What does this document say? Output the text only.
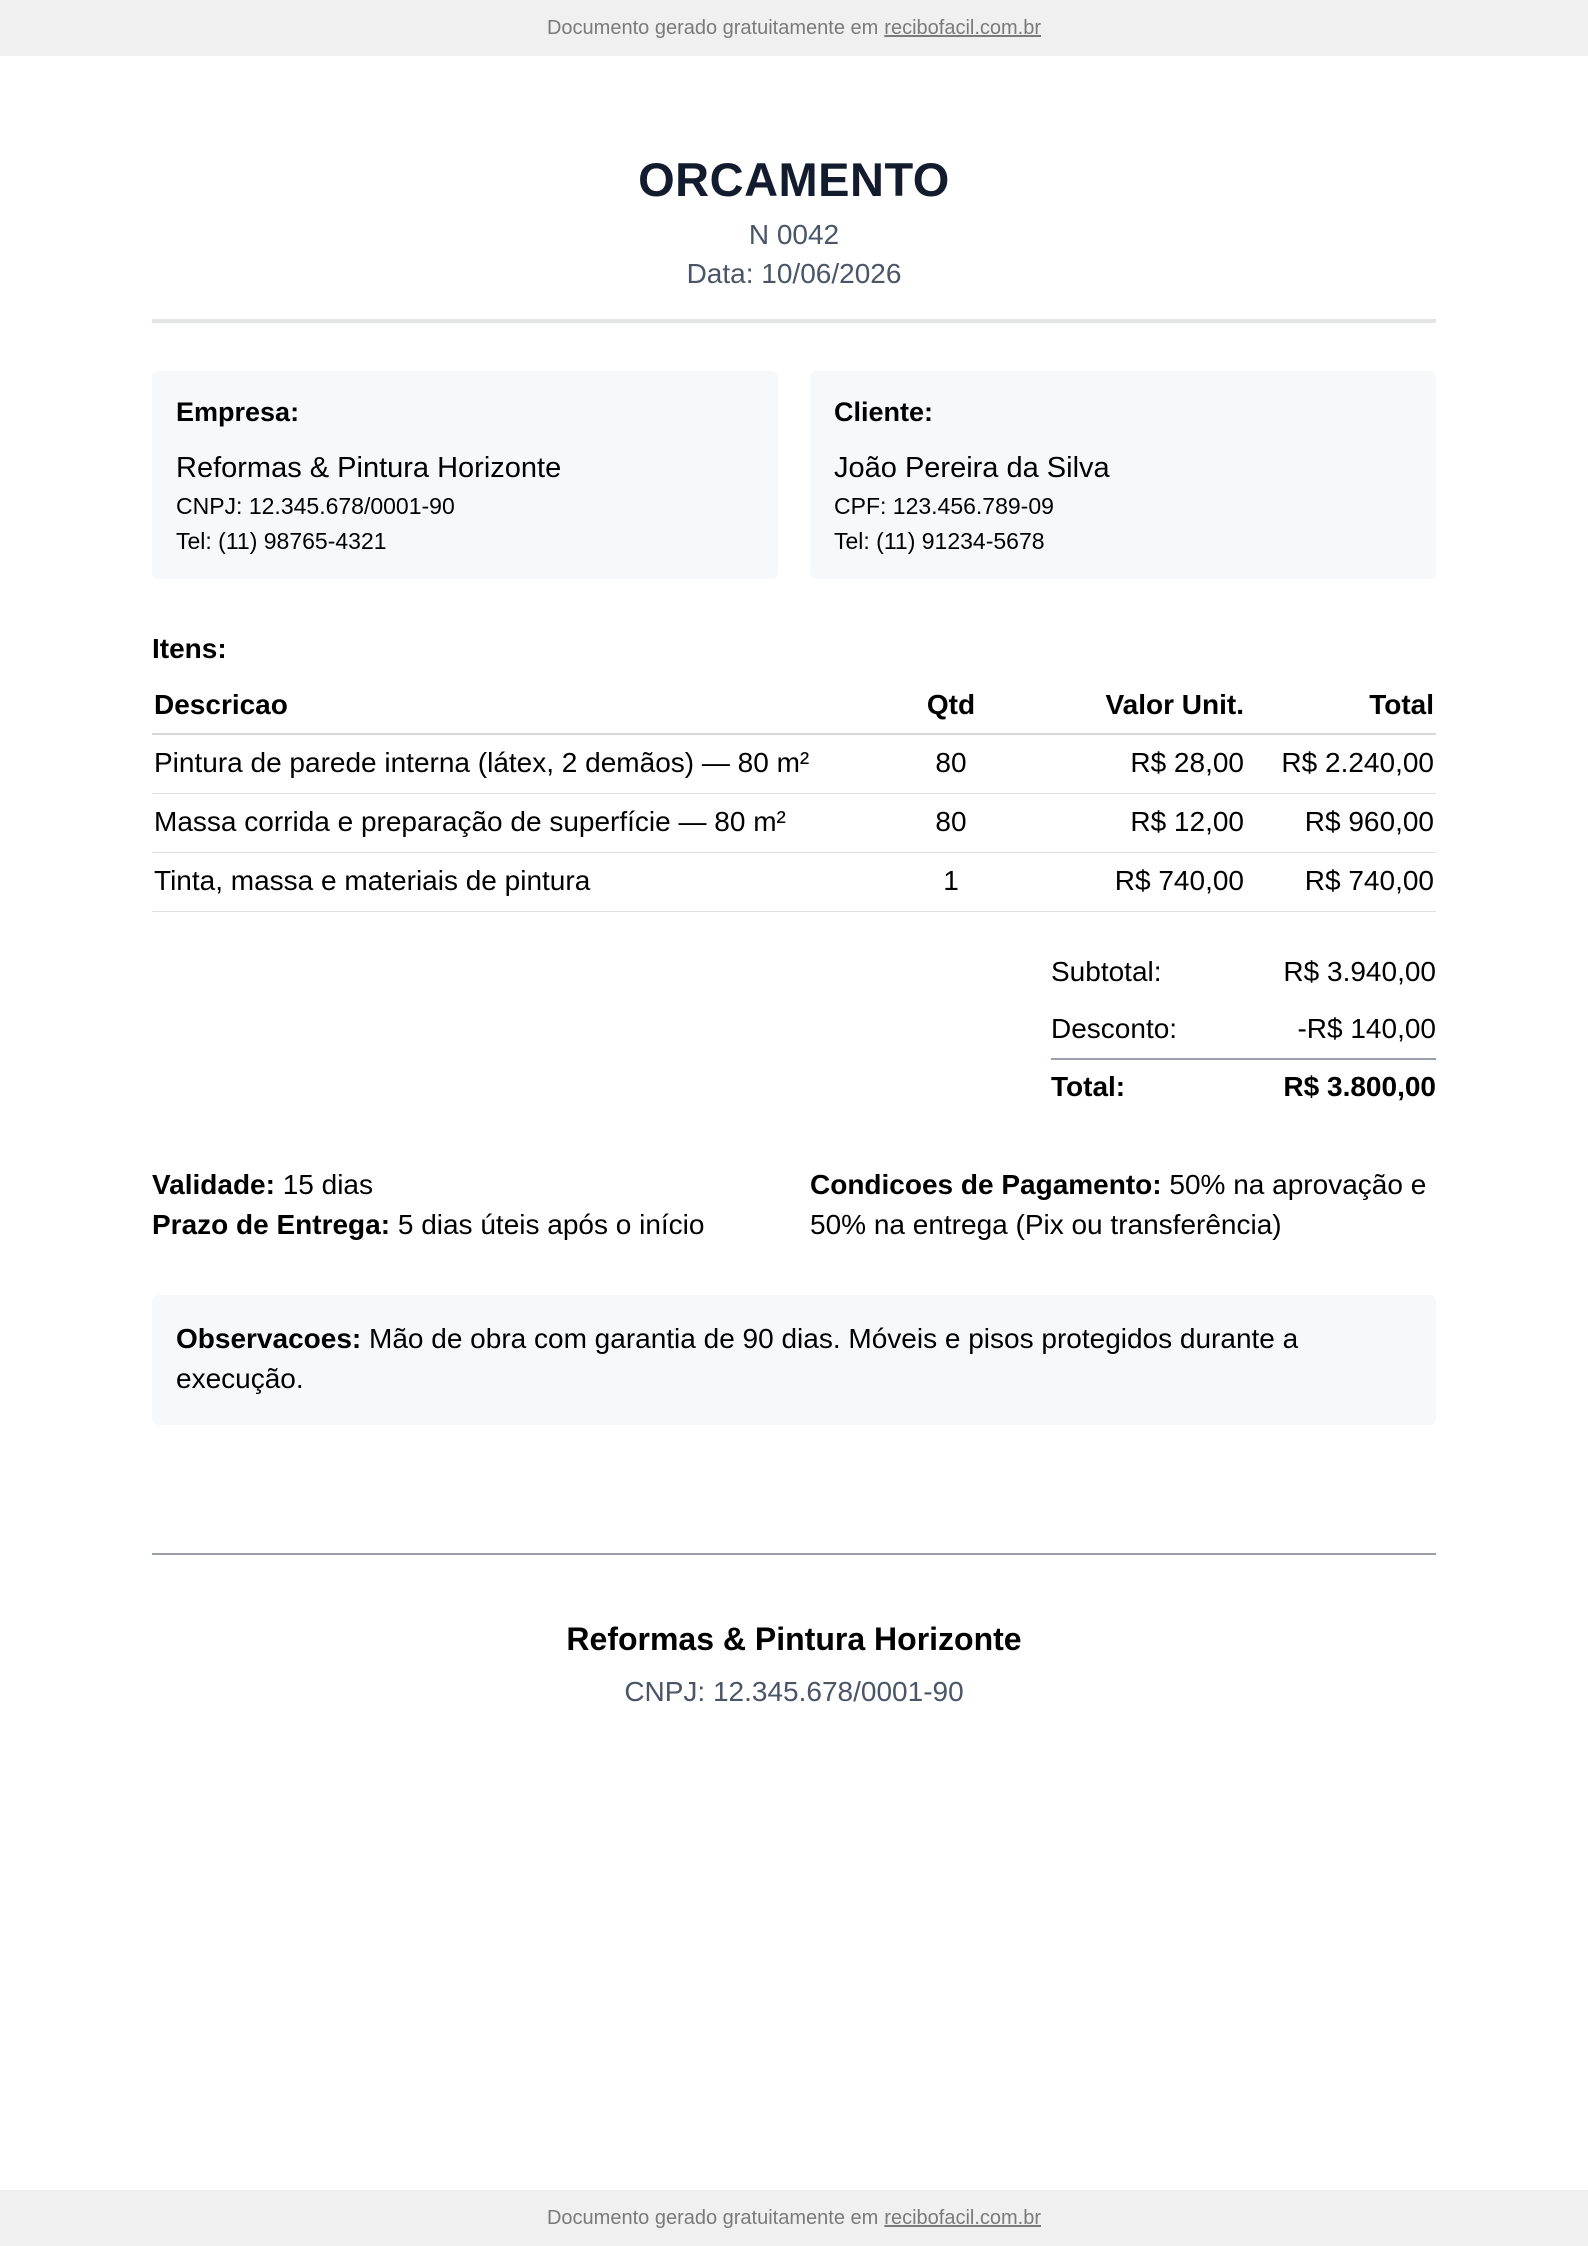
Documento gerado gratuitamente em recibofacil.com.br
ORCAMENTO
N 0042
Data: 10/06/2026
Empresa:
Reformas & Pintura Horizonte
CNPJ: 12.345.678/0001-90
Tel: (11) 98765-4321
Cliente:
João Pereira da Silva
CPF: 123.456.789-09
Tel: (11) 91234-5678
Itens:
Descricao	Qtd	Valor Unit.	Total
Pintura de parede interna (látex, 2 demãos) — 80 m²	80	R$ 28,00	R$ 2.240,00
Massa corrida e preparação de superfície — 80 m²	80	R$ 12,00	R$ 960,00
Tinta, massa e materiais de pintura	1	R$ 740,00	R$ 740,00
Subtotal:	R$ 3.940,00
Desconto:	-R$ 140,00
Total:	R$ 3.800,00
Validade: 15 dias
Prazo de Entrega: 5 dias úteis após o início
Condicoes de Pagamento: 50% na aprovação e 50% na entrega (Pix ou transferência)
Observacoes: Mão de obra com garantia de 90 dias. Móveis e pisos protegidos durante a execução.
Reformas & Pintura Horizonte
CNPJ: 12.345.678/0001-90
Documento gerado gratuitamente em recibofacil.com.br
